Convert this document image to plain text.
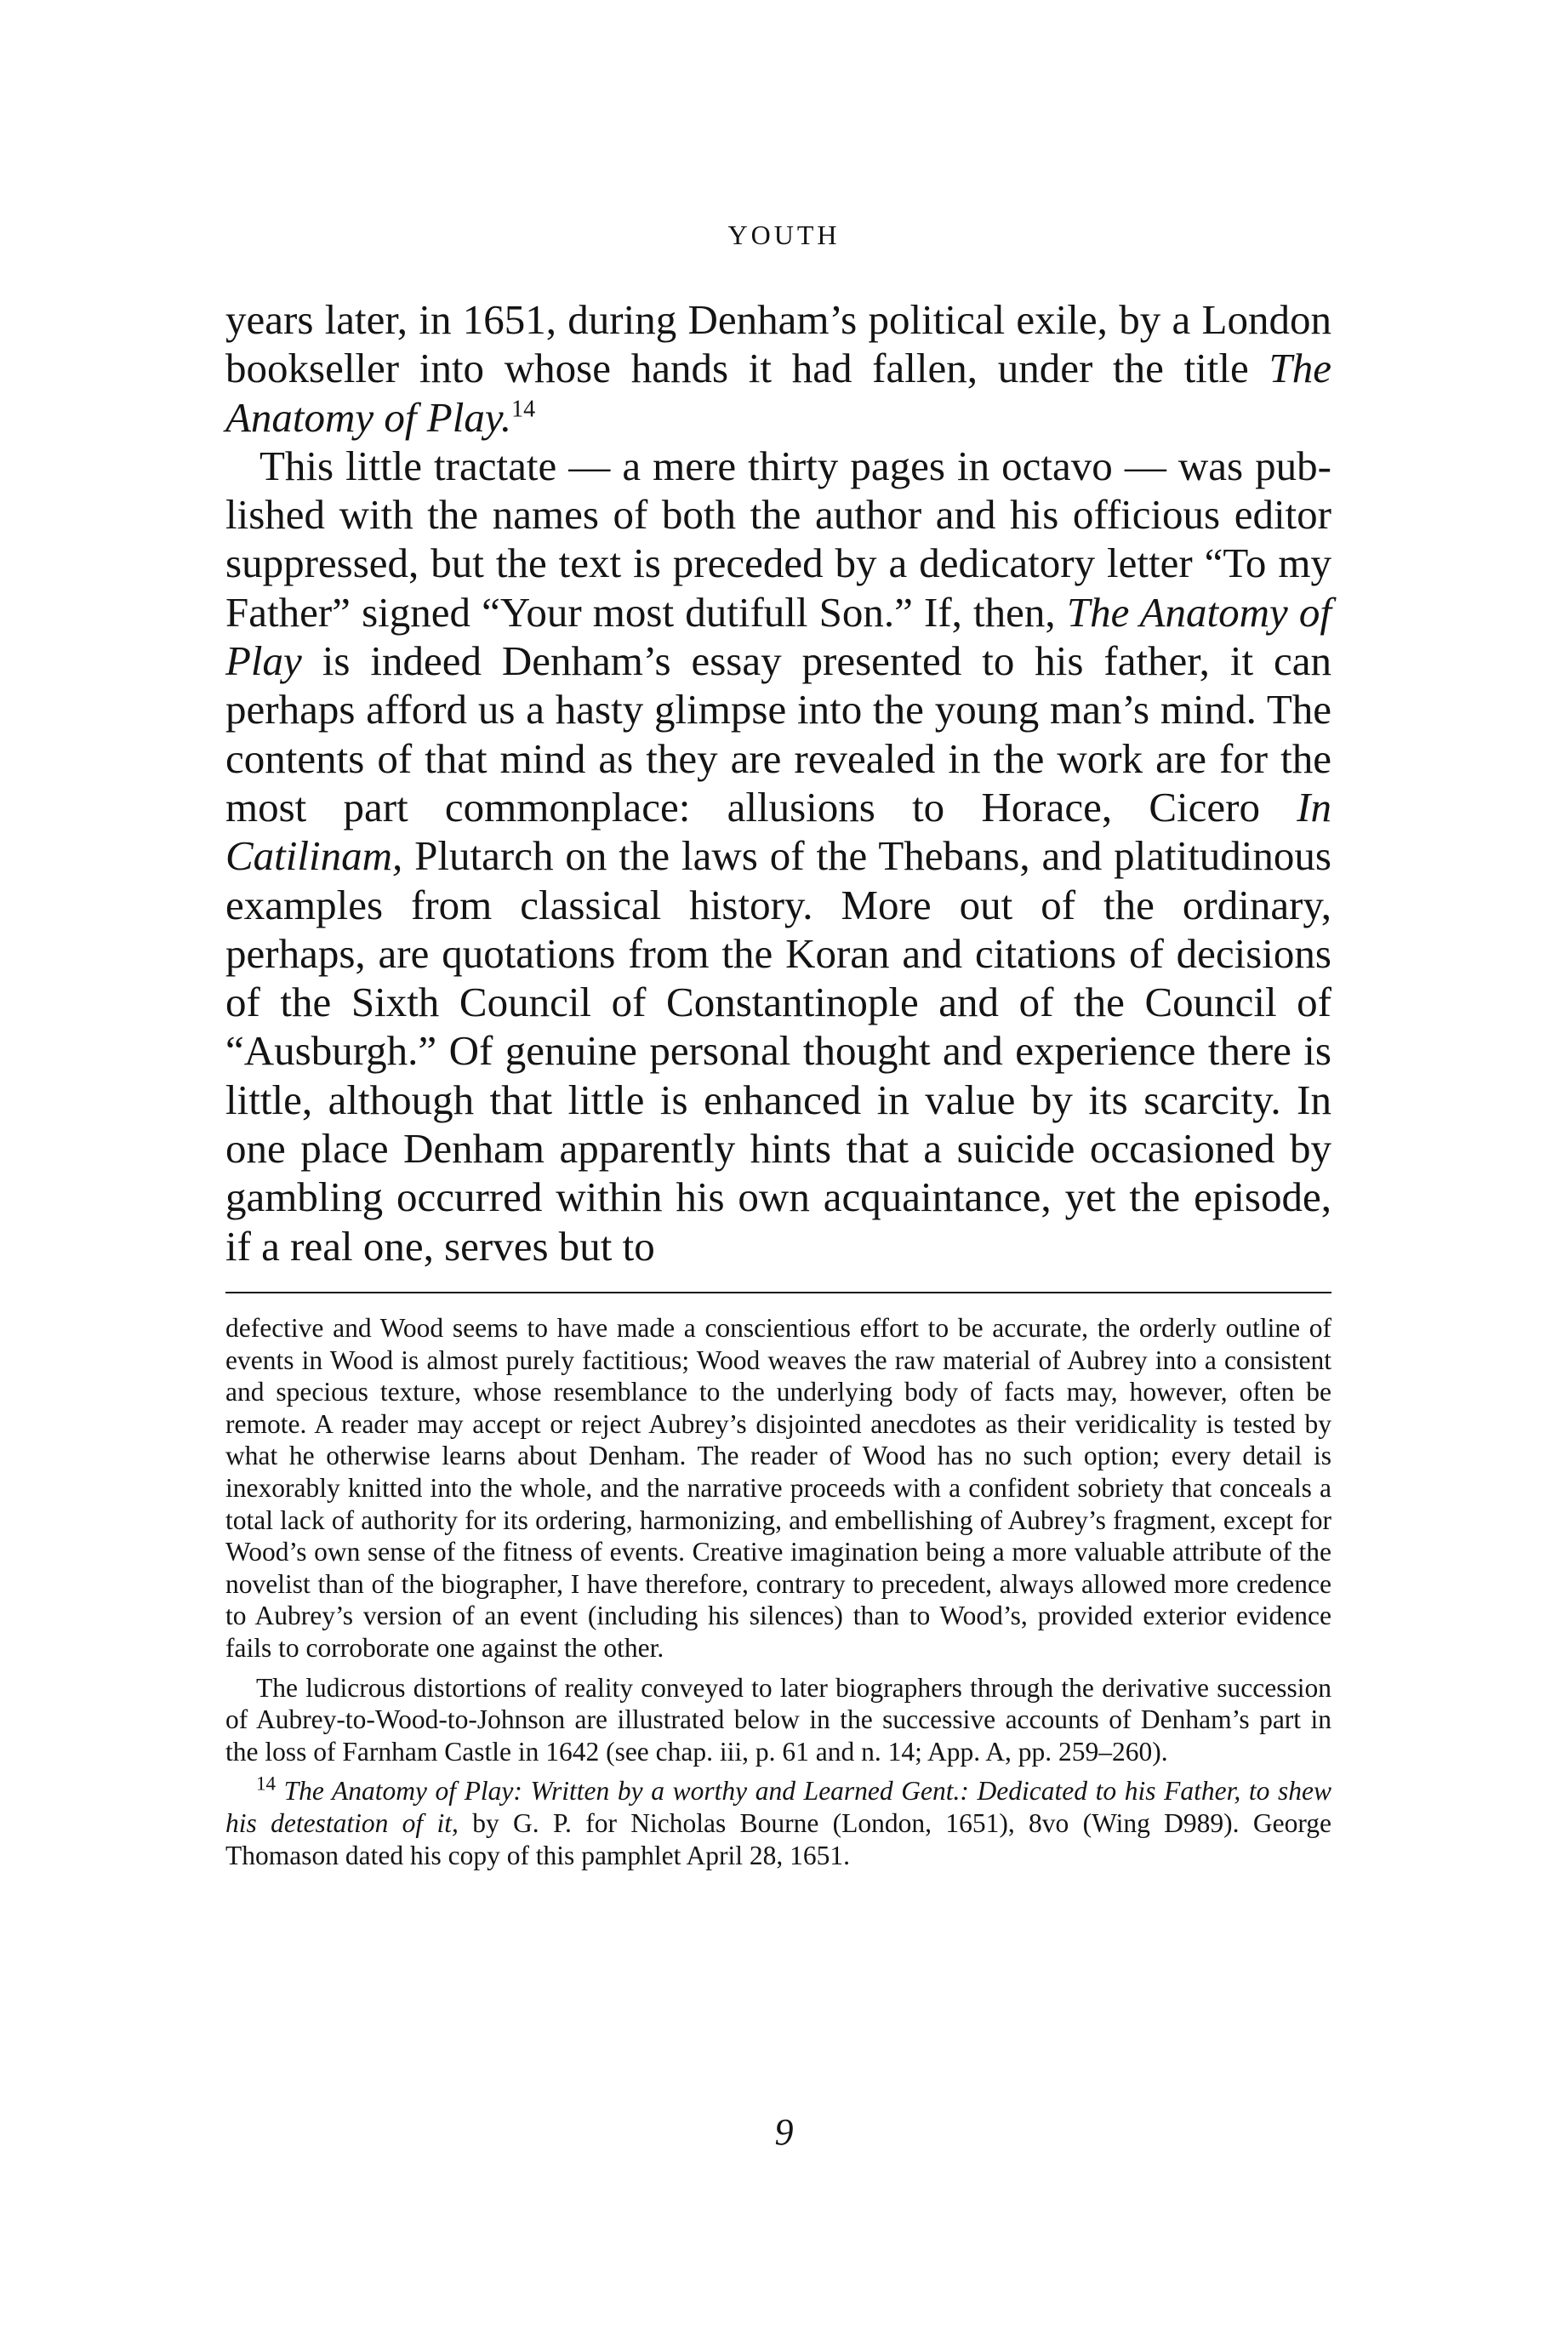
YOUTH

years later, in 1651, during Denham’s political exile, by a London bookseller into whose hands it had fallen, under the title The Anatomy of Play.$^{14}$

This little tractate — a mere thirty pages in octavo — was published with the names of both the author and his officious editor suppressed, but the text is preceded by a dedicatory letter “To my Father” signed “Your most dutifull Son.” If, then, The Anatomy of Play is indeed Denham’s essay presented to his father, it can perhaps afford us a hasty glimpse into the young man’s mind. The contents of that mind as they are revealed in the work are for the most part commonplace: allusions to Horace, Cicero In Catilinam, Plutarch on the laws of the Thebans, and platitudinous examples from classical history. More out of the ordinary, perhaps, are quotations from the Koran and citations of decisions of the Sixth Council of Constantinople and of the Council of “Ausburgh.” Of genuine personal thought and experience there is little, although that little is enhanced in value by its scarcity. In one place Denham apparently hints that a suicide occasioned by gambling occurred within his own acquaintance, yet the episode, if a real one, serves but to

defective and Wood seems to have made a conscientious effort to be accurate, the orderly outline of events in Wood is almost purely factitious; Wood weaves the raw material of Aubrey into a consistent and specious texture, whose resemblance to the underlying body of facts may, however, often be remote. A reader may accept or reject Aubrey’s disjointed anecdotes as their veridicality is tested by what he otherwise learns about Denham. The reader of Wood has no such option; every detail is inexorably knitted into the whole, and the narrative proceeds with a confident sobriety that conceals a total lack of authority for its ordering, harmonizing, and embellishing of Aubrey’s fragment, except for Wood’s own sense of the fitness of events. Creative imagination being a more valuable attribute of the novelist than of the biographer, I have therefore, contrary to precedent, always allowed more credence to Aubrey’s version of an event (including his silences) than to Wood’s, provided exterior evidence fails to corroborate one against the other.

The ludicrous distortions of reality conveyed to later biographers through the derivative succession of Aubrey-to-Wood-to-Johnson are illustrated below in the successive accounts of Denham’s part in the loss of Farnham Castle in 1642 (see chap. iii, p. 61 and n. 14; App. A, pp. 259–260).

$^{14}$ The Anatomy of Play: Written by a worthy and Learned Gent.: Dedicated to his Father, to shew his detestation of it, by G. P. for Nicholas Bourne (London, 1651), 8vo (Wing D989). George Thomason dated his copy of this pamphlet April 28, 1651.

9
